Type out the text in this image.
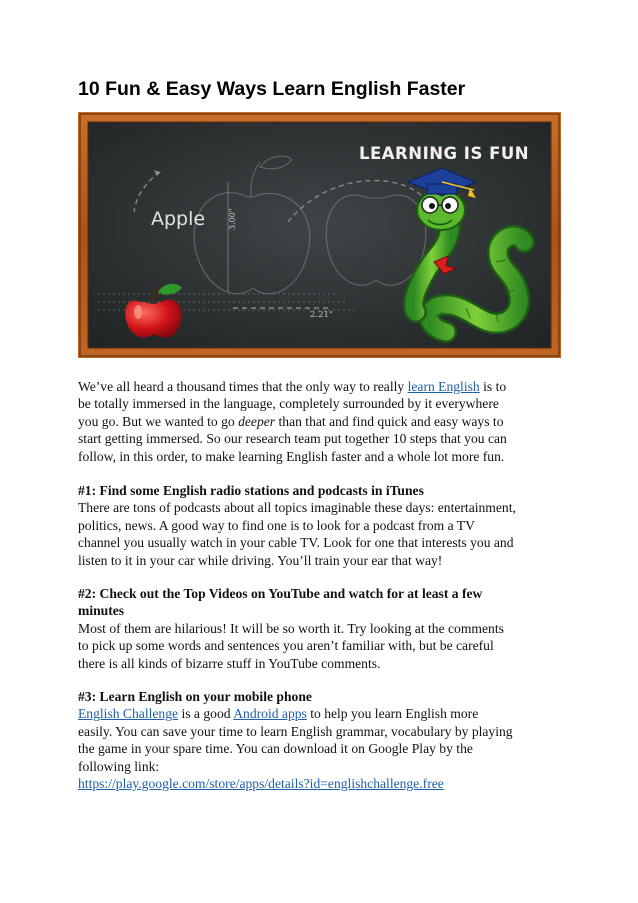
10 Fun & Easy Ways Learn English Faster
LEARNING IS FUN
Apple	3.00"
2.21"
We’ve all heard a thousand times that the only way to really learn English is to
be totally immersed in the language, completely surrounded by it everywhere
you go. But we wanted to go deeper than that and find quick and easy ways to
start getting immersed. So our research team put together 10 steps that you can
follow, in this order, to make learning English faster and a whole lot more fun.
#1: Find some English radio stations and podcasts in iTunes
There are tons of podcasts about all topics imaginable these days: entertainment,
politics, news. A good way to find one is to look for a podcast from a TV
channel you usually watch in your cable TV. Look for one that interests you and
listen to it in your car while driving. You’ll train your ear that way!
#2: Check out the Top Videos on YouTube and watch for at least a few
minutes
Most of them are hilarious! It will be so worth it. Try looking at the comments
to pick up some words and sentences you aren’t familiar with, but be careful
there is all kinds of bizarre stuff in YouTube comments.
#3: Learn English on your mobile phone
English Challenge is a good Android apps to help you learn English more
easily. You can save your time to learn English grammar, vocabulary by playing
the game in your spare time. You can download it on Google Play by the
following link:
https://play.google.com/store/apps/details?id=englishchallenge.free
